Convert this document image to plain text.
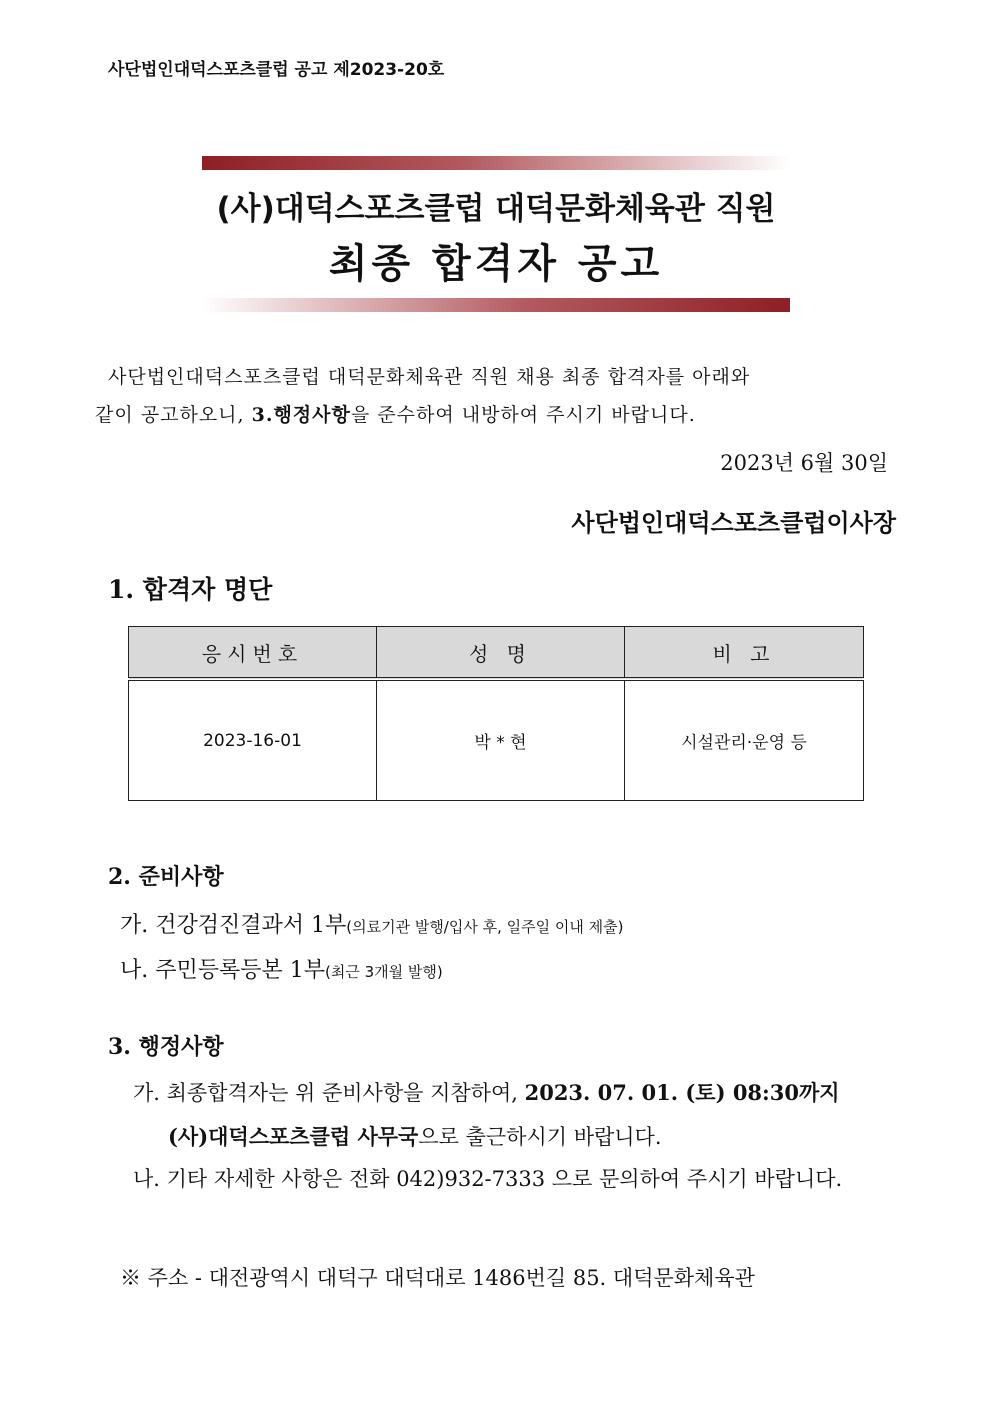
사단법인대덕스포츠클럽 공고 제2023-20호
(사)대덕스포츠클럽 대덕문화체육관 직원
최종 합격자 공고
사단법인대덕스포츠클럽 대덕문화체육관 직원 채용 최종 합격자를 아래와
같이 공고하오니, 3.행정사항을 준수하여 내방하여 주시기 바랍니다.
2023년 6월 30일
사단법인대덕스포츠클럽이사장
1. 합격자 명단
응시번호	성 명	비 고
2023-16-01	박 * 현	시설관리·운영 등
2. 준비사항
가. 건강검진결과서 1부(의료기관 발행/입사 후, 일주일 이내 제출)
나. 주민등록등본 1부(최근 3개월 발행)
3. 행정사항
가. 최종합격자는 위 준비사항을 지참하여, 2023. 07. 01. (토) 08:30까지
(사)대덕스포츠클럽 사무국으로 출근하시기 바랍니다.
나. 기타 자세한 사항은 전화 042)932-7333 으로 문의하여 주시기 바랍니다.
※ 주소 - 대전광역시 대덕구 대덕대로 1486번길 85. 대덕문화체육관
